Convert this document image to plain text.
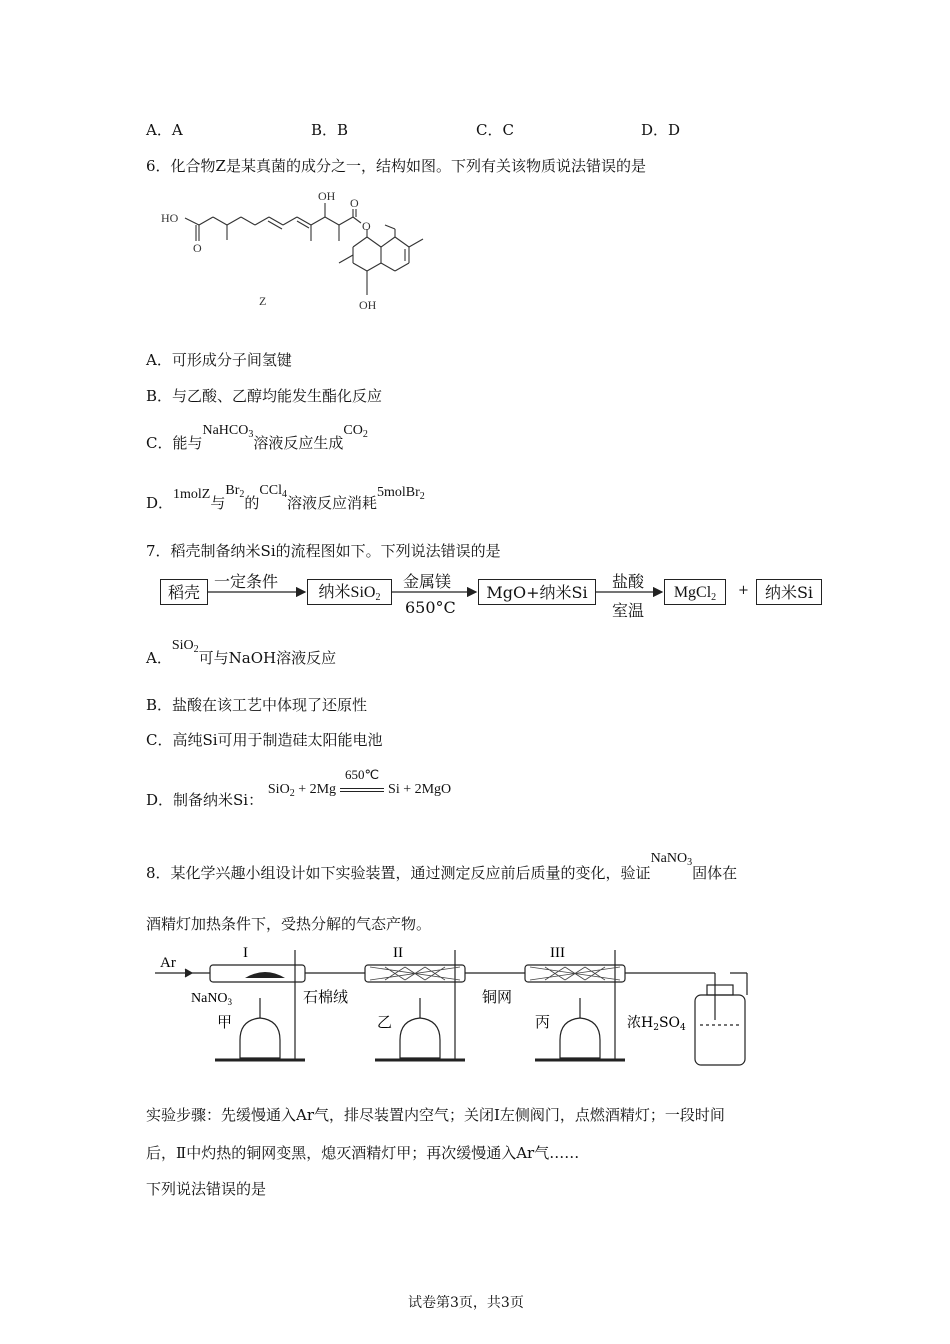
A．A	B．B	C．C	D．D
6．化合物Z是某真菌的成分之一，结构如图。下列有关该物质说法错误的是
HO
O
OH O
O
OH
Z
A．可形成分子间氢键
B．与乙酸、乙醇均能发生酯化反应
C．能与NaHCO$_3$溶液反应生成$CO_2$
D．1molZ与$Br_2$的CCl$_4$溶液反应消耗5molBr$_2$
7．稻壳制备纳米Si的流程图如下。下列说法错误的是
稻壳
一定条件
纳米SiO$_2$
金属镁
650°C
MgO+纳米Si
盐酸
室温
MgCl$_2$	+	纳米Si
A．SiO$_2$可与NaOH溶液反应
B．盐酸在该工艺中体现了还原性
C．高纯Si可用于制造硅太阳能电池
D．制备纳米Si： SiO$_2$ + 2Mg
650℃
Si + 2MgO
8．某化学兴趣小组设计如下实验装置，通过测定反应前后质量的变化，验证NaNO$_3$固体在
酒精灯加热条件下，受热分解的气态产物。
Ar
I	II	III
NaNO$_3$	石棉绒	铜网
甲	乙	丙	浓$H_2SO_4$
实验步骤：先缓慢通入Ar气，排尽装置内空气；关闭Ⅰ左侧阀门，点燃酒精灯；一段时间
后，Ⅱ中灼热的铜网变黑，熄灭酒精灯甲；再次缓慢通入Ar气……
下列说法错误的是
试卷第3页，共3页
